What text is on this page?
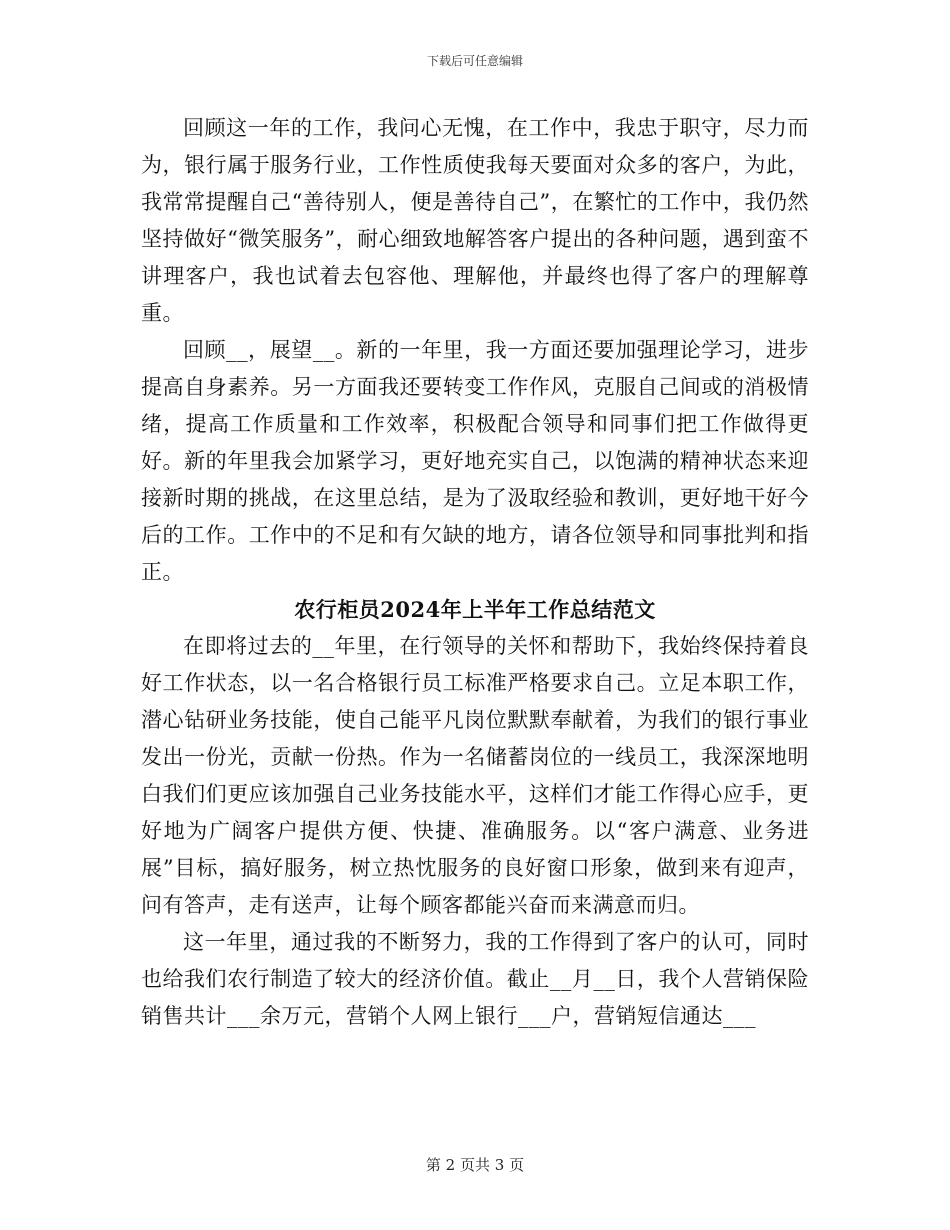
下载后可任意编辑

回顾这一年的工作，我问心无愧，在工作中，我忠于职守，尽力而为，银行属于服务行业，工作性质使我每天要面对众多的客户，为此，我常常提醒自己“善待别人，便是善待自己”，在繁忙的工作中，我仍然坚持做好“微笑服务”，耐心细致地解答客户提出的各种问题，遇到蛮不讲理客户，我也试着去包容他、理解他，并最终也得了客户的理解尊重。

回顾__，展望__。新的一年里，我一方面还要加强理论学习，进步提高自身素养。另一方面我还要转变工作作风，克服自己间或的消极情绪，提高工作质量和工作效率，积极配合领导和同事们把工作做得更好。新的年里我会加紧学习，更好地充实自己，以饱满的精神状态来迎接新时期的挑战，在这里总结，是为了汲取经验和教训，更好地干好今后的工作。工作中的不足和有欠缺的地方，请各位领导和同事批判和指正。

农行柜员2024年上半年工作总结范文

在即将过去的__年里，在行领导的关怀和帮助下，我始终保持着良好工作状态，以一名合格银行员工标准严格要求自己。立足本职工作，潜心钻研业务技能，使自己能平凡岗位默默奉献着，为我们的银行事业发出一份光，贡献一份热。作为一名储蓄岗位的一线员工，我深深地明白我们们更应该加强自己业务技能水平，这样们才能工作得心应手，更好地为广阔客户提供方便、快捷、准确服务。以“客户满意、业务进展”目标，搞好服务，树立热忱服务的良好窗口形象，做到来有迎声，问有答声，走有送声，让每个顾客都能兴奋而来满意而归。

这一年里，通过我的不断努力，我的工作得到了客户的认可，同时也给我们农行制造了较大的经济价值。截止__月__日，我个人营销保险销售共计___余万元，营销个人网上银行___户，营销短信通达___

第 2 页共 3 页
